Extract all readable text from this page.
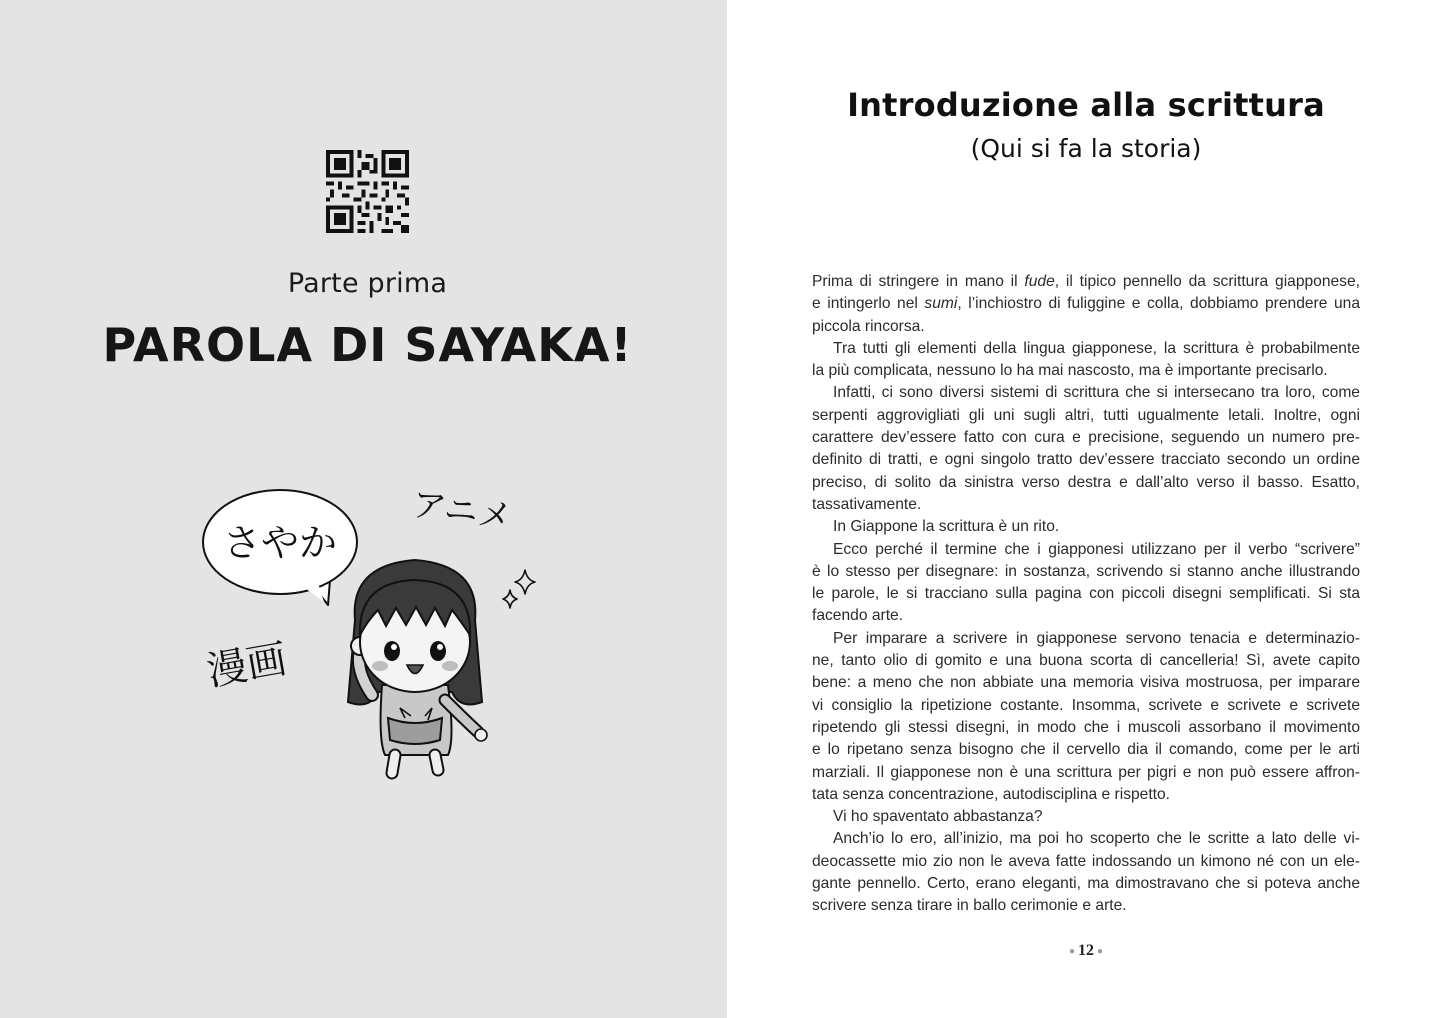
Parte prima
PAROLA DI SAYAKA!
さやか
アニメ
漫画
Introduzione alla scrittura
(Qui si fa la storia)
Prima di stringere in mano il fude, il tipico pennello da scrittura giapponese,
e intingerlo nel sumi, l’inchiostro di fuliggine e colla, dobbiamo prendere una
piccola rincorsa.
Tra tutti gli elementi della lingua giapponese, la scrittura è probabilmente
la più complicata, nessuno lo ha mai nascosto, ma è importante precisarlo.
Infatti, ci sono diversi sistemi di scrittura che si intersecano tra loro, come
serpenti aggrovigliati gli uni sugli altri, tutti ugualmente letali. Inoltre, ogni
carattere dev’essere fatto con cura e precisione, seguendo un numero pre-
definito di tratti, e ogni singolo tratto dev’essere tracciato secondo un ordine
preciso, di solito da sinistra verso destra e dall’alto verso il basso. Esatto,
tassativamente.
In Giappone la scrittura è un rito.
Ecco perché il termine che i giapponesi utilizzano per il verbo “scrivere”
è lo stesso per disegnare: in sostanza, scrivendo si stanno anche illustrando
le parole, le si tracciano sulla pagina con piccoli disegni semplificati. Si sta
facendo arte.
Per imparare a scrivere in giapponese servono tenacia e determinazio-
ne, tanto olio di gomito e una buona scorta di cancelleria! Sì, avete capito
bene: a meno che non abbiate una memoria visiva mostruosa, per imparare
vi consiglio la ripetizione costante. Insomma, scrivete e scrivete e scrivete
ripetendo gli stessi disegni, in modo che i muscoli assorbano il movimento
e lo ripetano senza bisogno che il cervello dia il comando, come per le arti
marziali. Il giapponese non è una scrittura per pigri e non può essere affron-
tata senza concentrazione, autodisciplina e rispetto.
Vi ho spaventato abbastanza?
Anch’io lo ero, all’inizio, ma poi ho scoperto che le scritte a lato delle vi-
deocassette mio zio non le aveva fatte indossando un kimono né con un ele-
gante pennello. Certo, erano eleganti, ma dimostravano che si poteva anche
scrivere senza tirare in ballo cerimonie e arte.
● 12 ●
